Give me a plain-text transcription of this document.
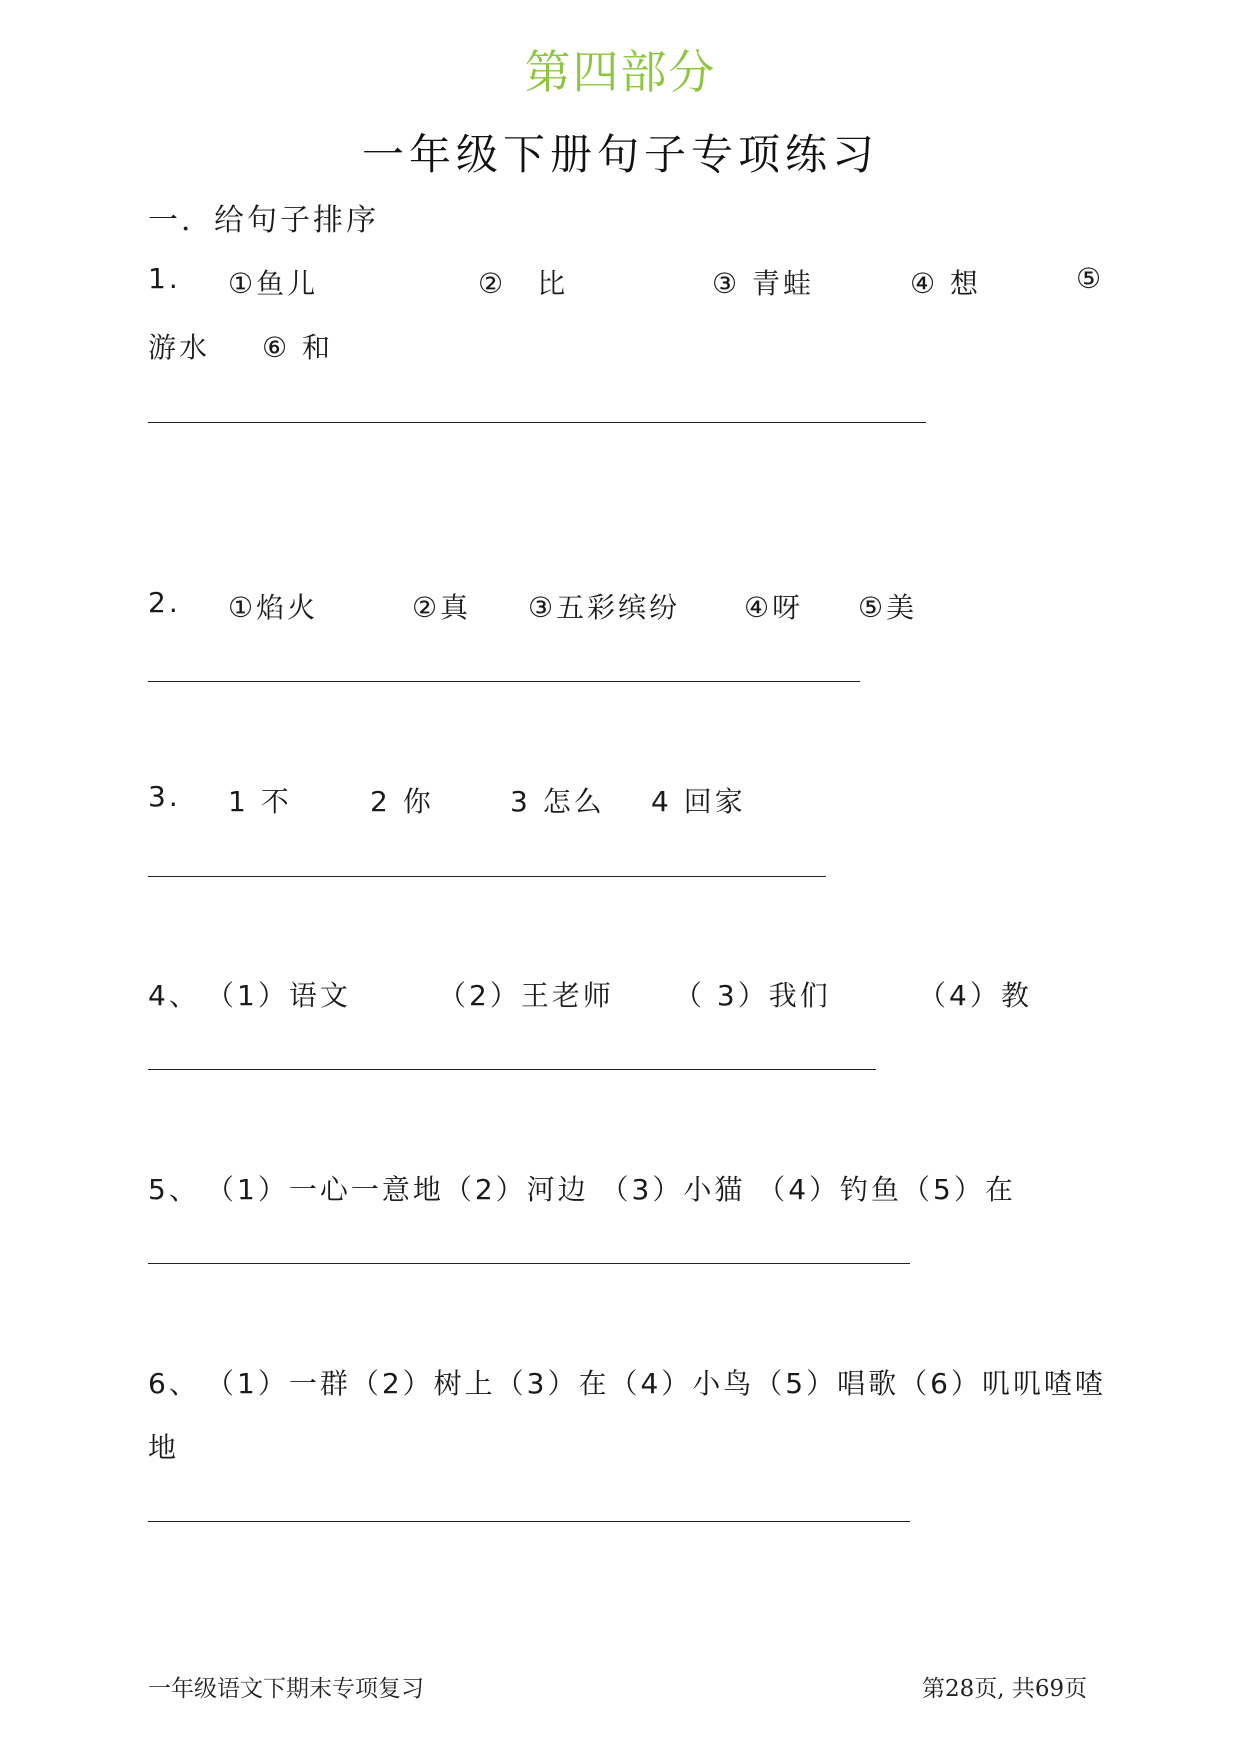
第四部分
一年级下册句子专项练习
一．给句子排序
1. ①鱼儿	②　比	③ 青蛙	④ 想	⑤
游水 ⑥ 和
2. ①焰火	②真 ③五彩缤纷 ④呀 ⑤美
3. 1 不	2 你	3 怎么 4 回家
4、 （1）语文	（2）王老师 （ 3）我们	（4）教
5、 （1）一心一意地（2）河边 （3）小猫 （4）钓鱼（5）在
6、 （1）一群（2）树上（3）在（4）小鸟（5）唱歌（6）叽叽喳喳
地
一年级语文下期末专项复习	第28页, 共69页
